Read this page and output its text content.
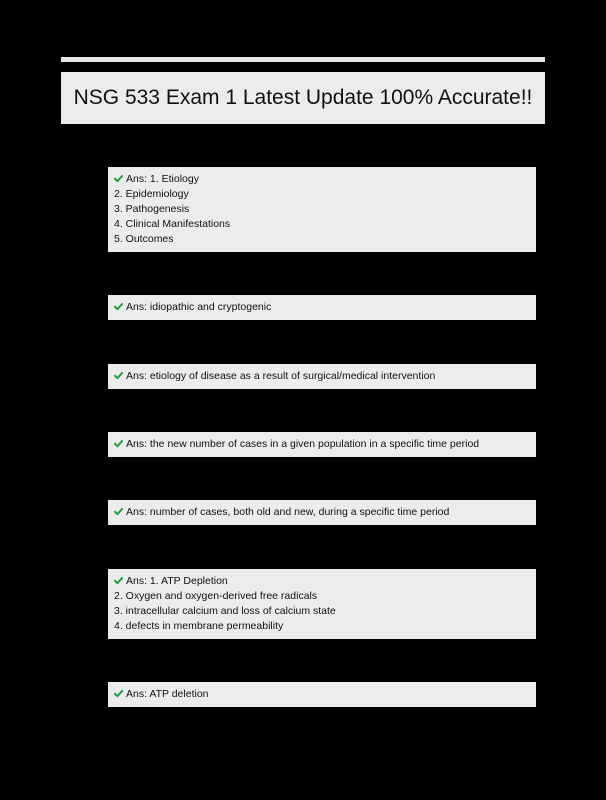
NSG 533 Exam 1 Latest Update 100% Accurate!!
Ans: 1. Etiology
2. Epidemiology
3. Pathogenesis
4. Clinical Manifestations
5. Outcomes
Ans: idiopathic and cryptogenic
Ans: etiology of disease as a result of surgical/medical intervention
Ans: the new number of cases in a given population in a specific time period
Ans: number of cases, both old and new, during a specific time period
Ans: 1. ATP Depletion
2. Oxygen and oxygen-derived free radicals
3. intracellular calcium and loss of calcium state
4. defects in membrane permeability
Ans: ATP deletion
